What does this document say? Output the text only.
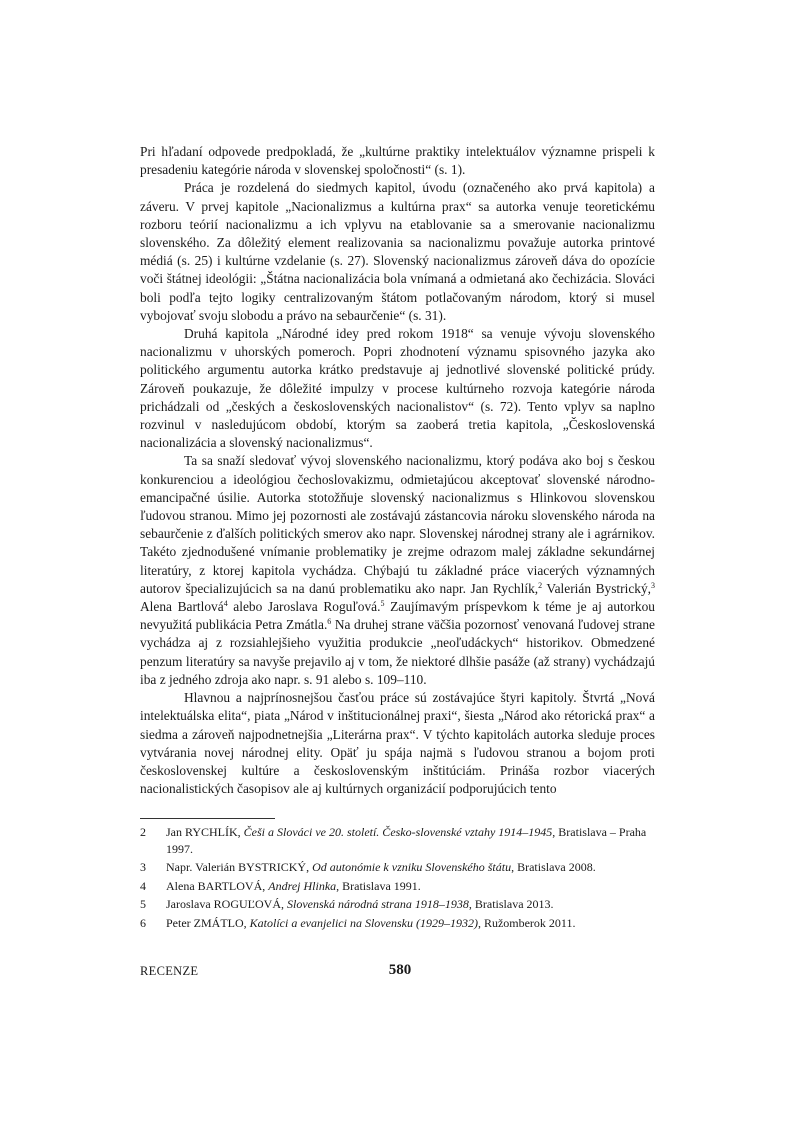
Pri hľadaní odpovede predpokladá, že „kultúrne praktiky intelektuálov významne prispeli k presadeniu kategórie národa v slovenskej spoločnosti“ (s. 1).

Práca je rozdelená do siedmych kapitol, úvodu (označeného ako prvá kapitola) a záveru. V prvej kapitole „Nacionalizmus a kultúrna prax“ sa autorka venuje teoretickému rozboru teórií nacionalizmu a ich vplyvu na etablovanie sa a smerovanie nacionalizmu slovenského. Za dôležitý element realizovania sa nacionalizmu považuje autorka printové médiá (s. 25) i kultúrne vzdelanie (s. 27). Slovenský nacionalizmus zároveň dáva do opozície voči štátnej ideológii: „Štátna nacionalizácia bola vnímaná a odmietaná ako čechizácia. Slováci boli podľa tejto logiky centralizovaným štátom potlačovaným národom, ktorý si musel vybojovať svoju slobodu a právo na sebaurčenie“ (s. 31).

Druhá kapitola „Národné idey pred rokom 1918“ sa venuje vývoju slovenského nacionalizmu v uhorských pomeroch. Popri zhodnotení významu spisovného jazyka ako politického argumentu autorka krátko predstavuje aj jednotlivé slovenské politické prúdy. Zároveň poukazuje, že dôležité impulzy v procese kultúrneho rozvoja kategórie národa prichádzali od „českých a československých nacionalistov“ (s. 72). Tento vplyv sa naplno rozvinul v nasledujúcom období, ktorým sa zaoberá tretia kapitola, „Československá nacionalizácia a slovenský nacionalizmus“.

Ta sa snaží sledovať vývoj slovenského nacionalizmu, ktorý podáva ako boj s českou konkurenciou a ideológiou čechoslovakizmu, odmietajúcou akceptovať slovenské národno-emancipačné úsilie. Autorka stotožňuje slovenský nacionalizmus s Hlinkovou slovenskou ľudovou stranou. Mimo jej pozornosti ale zostávajú zástancovia nároku slovenského národa na sebaurčenie z ďalších politických smerov ako napr. Slovenskej národnej strany ale i agrárnikov. Takéto zjednodušené vnímanie problematiky je zrejme odrazom malej základne sekundárnej literatúry, z ktorej kapitola vychádza. Chýbajú tu základné práce viacerých významných autorov špecializujúcich sa na danú problematiku ako napr. Jan Rychlík,$^2$ Valerián Bystrický,$^3$ Alena Bartlová$^4$ alebo Jaroslava Roguľová.$^5$ Zaujímavým príspevkom k téme je aj autorkou nevyužitá publikácia Petra Zmátla.$^6$ Na druhej strane väčšia pozornosť venovaná ľudovej strane vychádza aj z rozsiahlejšieho využitia produkcie „neoľudáckych“ historikov. Obmedzené penzum literatúry sa navyše prejavilo aj v tom, že niektoré dlhšie pasáže (až strany) vychádzajú iba z jedného zdroja ako napr. s. 91 alebo s. 109–110.

Hlavnou a najprínosnejšou časťou práce sú zostávajúce štyri kapitoly. Štvrtá „Nová intelektuálska elita“, piata „Národ v inštitucionálnej praxi“, šiesta „Národ ako rétorická prax“ a siedma a zároveň najpodnetnejšia „Literárna prax“. V týchto kapitolách autorka sleduje proces vytvárania novej národnej elity. Opäť ju spája najmä s ľudovou stranou a bojom proti československej kultúre a československým inštitúciám. Prináša rozbor viacerých nacionalistických časopisov ale aj kultúrnych organizácií podporujúcich tento

2	Jan RYCHLÍK, Češi a Slováci ve 20. století. Česko-slovenské vztahy 1914–1945, Bratislava – Praha 1997.
3	Napr. Valerián BYSTRICKÝ, Od autonómie k vzniku Slovenského štátu, Bratislava 2008.
4	Alena BARTLOVÁ, Andrej Hlinka, Bratislava 1991.
5	Jaroslava ROGUĽOVÁ, Slovenská národná strana 1918–1938, Bratislava 2013.
6	Peter ZMÁTLO, Katolíci a evanjelici na Slovensku (1929–1932), Ružomberok 2011.
RECENZE	580
